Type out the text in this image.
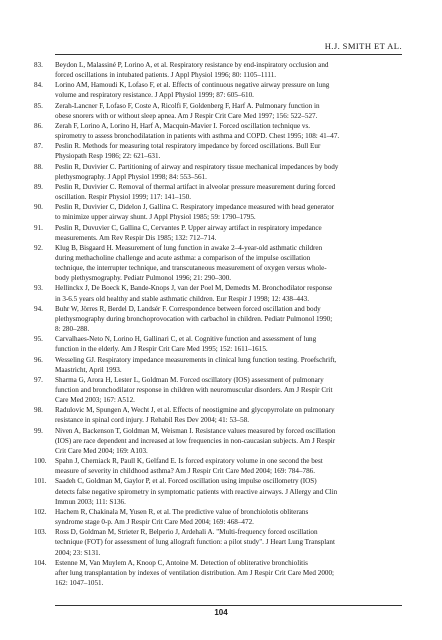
H.J. SMITH ET AL.
83.	Beydon L, Malassiné P, Lorino A, et al. Respiratory resistance by end-inspiratory occlusion and
forced oscillations in intubated patients. J Appl Physiol 1996; 80: 1105–1111.
84.	Lorino AM, Hamoudi K, Lofaso F, et al. Effects of continuous negative airway pressure on lung
volume and respiratory resistance. J Appl Physiol 1999; 87: 605–610.
85.	Zerah-Lancner F, Lofaso F, Coste A, Ricolfi F, Goldenberg F, Harf A. Pulmonary function in
obese snorers with or without sleep apnea. Am J Respir Crit Care Med 1997; 156: 522–527.
86.	Zerah F, Lorino A, Lorino H, Harf A, Macquin-Mavier I. Forced oscillation technique vs.
spirometry to assess bronchodilatation in patients with asthma and COPD. Chest 1995; 108: 41–47.
87.	Peslin R. Methods for measuring total respiratory impedance by forced oscillations. Bull Eur
Physiopath Resp 1986; 22: 621–631.
88.	Peslin R, Duvivier C. Partitioning of airway and respiratory tissue mechanical impedances by body
plethysmography. J Appl Physiol 1998; 84: 553–561.
89.	Peslin R, Duvivier C. Removal of thermal artifact in alveolar pressure measurement during forced
oscillation. Respir Physiol 1999; 117: 141–150.
90.	Peslin R, Duvivier C, Didelon J, Gallina C. Respiratory impedance measured with head generator
to minimize upper airway shunt. J Appl Physiol 1985; 59: 1790–1795.
91.	Peslin R, Duvuvier C, Gallina C, Cervantes P. Upper airway artifact in respiratory impedance
measurements. Am Rev Respir Dis 1985; 132: 712–714.
92.	Klug B, Bisgaard H. Measurement of lung function in awake 2–4-year-old asthmatic children
during methacholine challenge and acute asthma: a comparison of the impulse oscillation
technique, the interrupter technique, and transcutaneous measurement of oxygen versus whole-
body plethysmography. Pediatr Pulmonol 1996; 21: 290–300.
93.	Hellinckx J, De Boeck K, Bande-Knops J, van der Poel M, Demedts M. Bronchodilator response
in 3-6.5 years old healthy and stable asthmatic children. Eur Respir J 1998; 12: 438–443.
94.	Buhr W, Jörres R, Berdel D, Landsér F. Correspondence between forced oscillation and body
plethysmography during bronchoprovocation with carbachol in children. Pediatr Pulmonol 1990;
8: 280–288.
95.	Carvalhaes-Neto N, Lorino H, Gallinari C, et al. Cognitive function and assessment of lung
function in the elderly. Am J Respir Crit Care Med 1995; 152: 1611–1615.
96.	Wesseling GJ. Respiratory impedance measurements in clinical lung function testing. Proefschrift,
Maastricht, April 1993.
97.	Sharma G, Arora H, Lester L, Goldman M. Forced oscillatory (IOS) assessment of pulmonary
function and bronchodilator response in children with neuromuscular disorders. Am J Respir Crit
Care Med 2003; 167: A512.
98.	Radulovic M, Spungen A, Wecht J, et al. Effects of neostigmine and glycopyrrolate on pulmonary
resistance in spinal cord injury. J Rehabil Res Dev 2004; 41: 53–58.
99.	Niven A, Backenson T, Goldman M, Weisman I. Resistance values measured by forced oscillation
(IOS) are race dependent and increased at low frequencies in non-caucasian subjects. Am J Respir
Crit Care Med 2004; 169: A103.
100.	Spahn J, Cherniack R, Paull K, Gelfand E. Is forced expiratory volume in one second the best
measure of severity in childhood asthma? Am J Respir Crit Care Med 2004; 169: 784–786.
101.	Saadeh C, Goldman M, Gaylor P, et al. Forced oscillation using impulse oscillometry (IOS)
detects false negative spirometry in symptomatic patients with reactive airways. J Allergy and Clin
Immun 2003; 111: S136.
102.	Hachem R, Chakinala M, Yusen R, et al. The predictive value of bronchiolotis obliterans
syndrome stage 0-p. Am J Respir Crit Care Med 2004; 169: 468–472.
103.	Ross D, Goldman M, Strieter R, Belperio J, Ardehali A. "Multi-frequency forced oscillation
technique (FOT) for assessment of lung allograft function: a pilot study". J Heart Lung Transplant
2004; 23: S131.
104.	Estenne M, Van Muylem A, Knoop C, Antoine M. Detection of obliterative bronchiolitis
after lung transplantation by indexes of ventilation distribution. Am J Respir Crit Care Med 2000;
162: 1047–1051.
104
